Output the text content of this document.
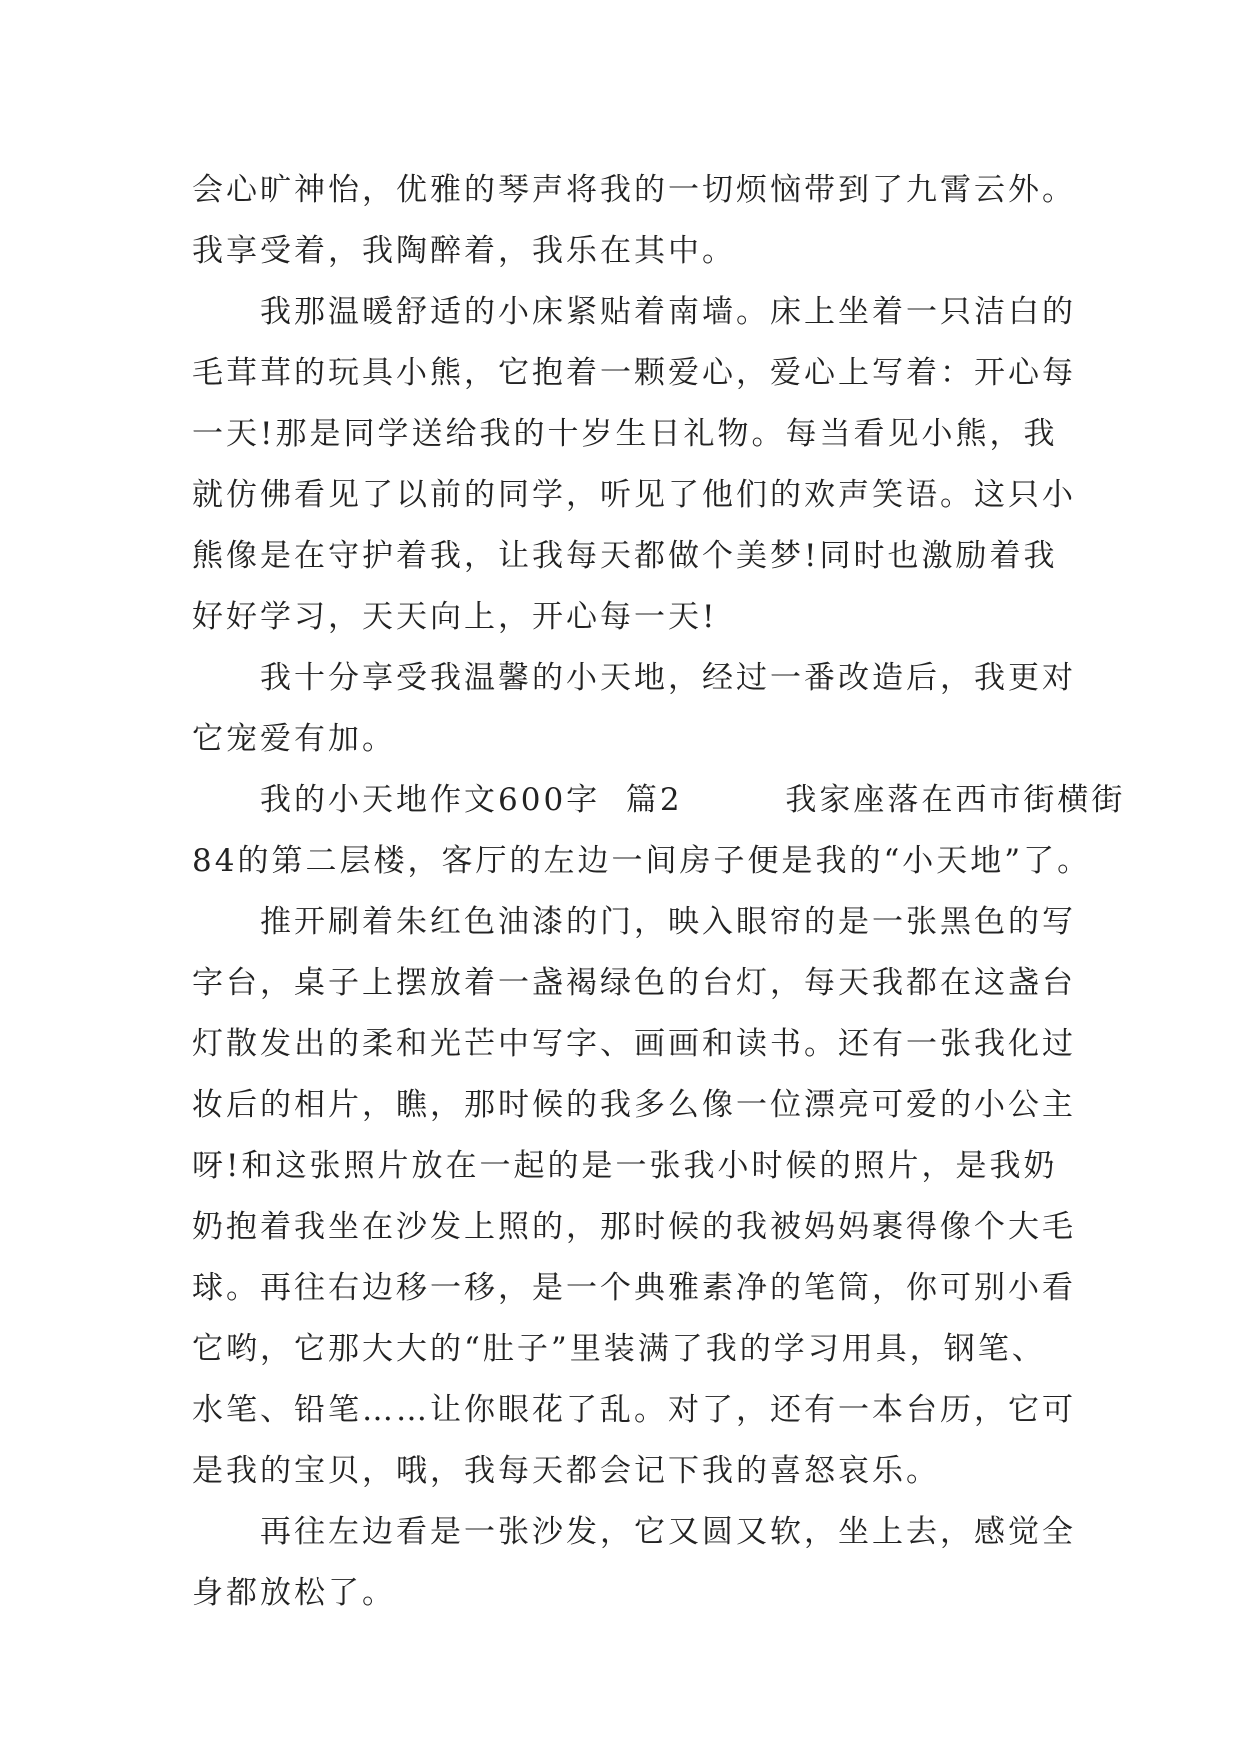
会心旷神怡，优雅的琴声将我的一切烦恼带到了九霄云外。
我享受着，我陶醉着，我乐在其中。
我那温暖舒适的小床紧贴着南墙。床上坐着一只洁白的
毛茸茸的玩具小熊，它抱着一颗爱心，爱心上写着：开心每
一天!那是同学送给我的十岁生日礼物。每当看见小熊，我
就仿佛看见了以前的同学，听见了他们的欢声笑语。这只小
熊像是在守护着我，让我每天都做个美梦!同时也激励着我
好好学习，天天向上，开心每一天!
我十分享受我温馨的小天地，经过一番改造后，我更对
它宠爱有加。
我的小天地作文600字  篇2        我家座落在西市街横街
84的第二层楼，客厅的左边一间房子便是我的“小天地”了。
推开刷着朱红色油漆的门，映入眼帘的是一张黑色的写
字台，桌子上摆放着一盏褐绿色的台灯，每天我都在这盏台
灯散发出的柔和光芒中写字、画画和读书。还有一张我化过
妆后的相片，瞧，那时候的我多么像一位漂亮可爱的小公主
呀!和这张照片放在一起的是一张我小时候的照片，是我奶
奶抱着我坐在沙发上照的，那时候的我被妈妈裹得像个大毛
球。再往右边移一移，是一个典雅素净的笔筒，你可别小看
它哟，它那大大的“肚子”里装满了我的学习用具，钢笔、
水笔、铅笔……让你眼花了乱。对了，还有一本台历，它可
是我的宝贝，哦，我每天都会记下我的喜怒哀乐。
再往左边看是一张沙发，它又圆又软，坐上去，感觉全
身都放松了。
